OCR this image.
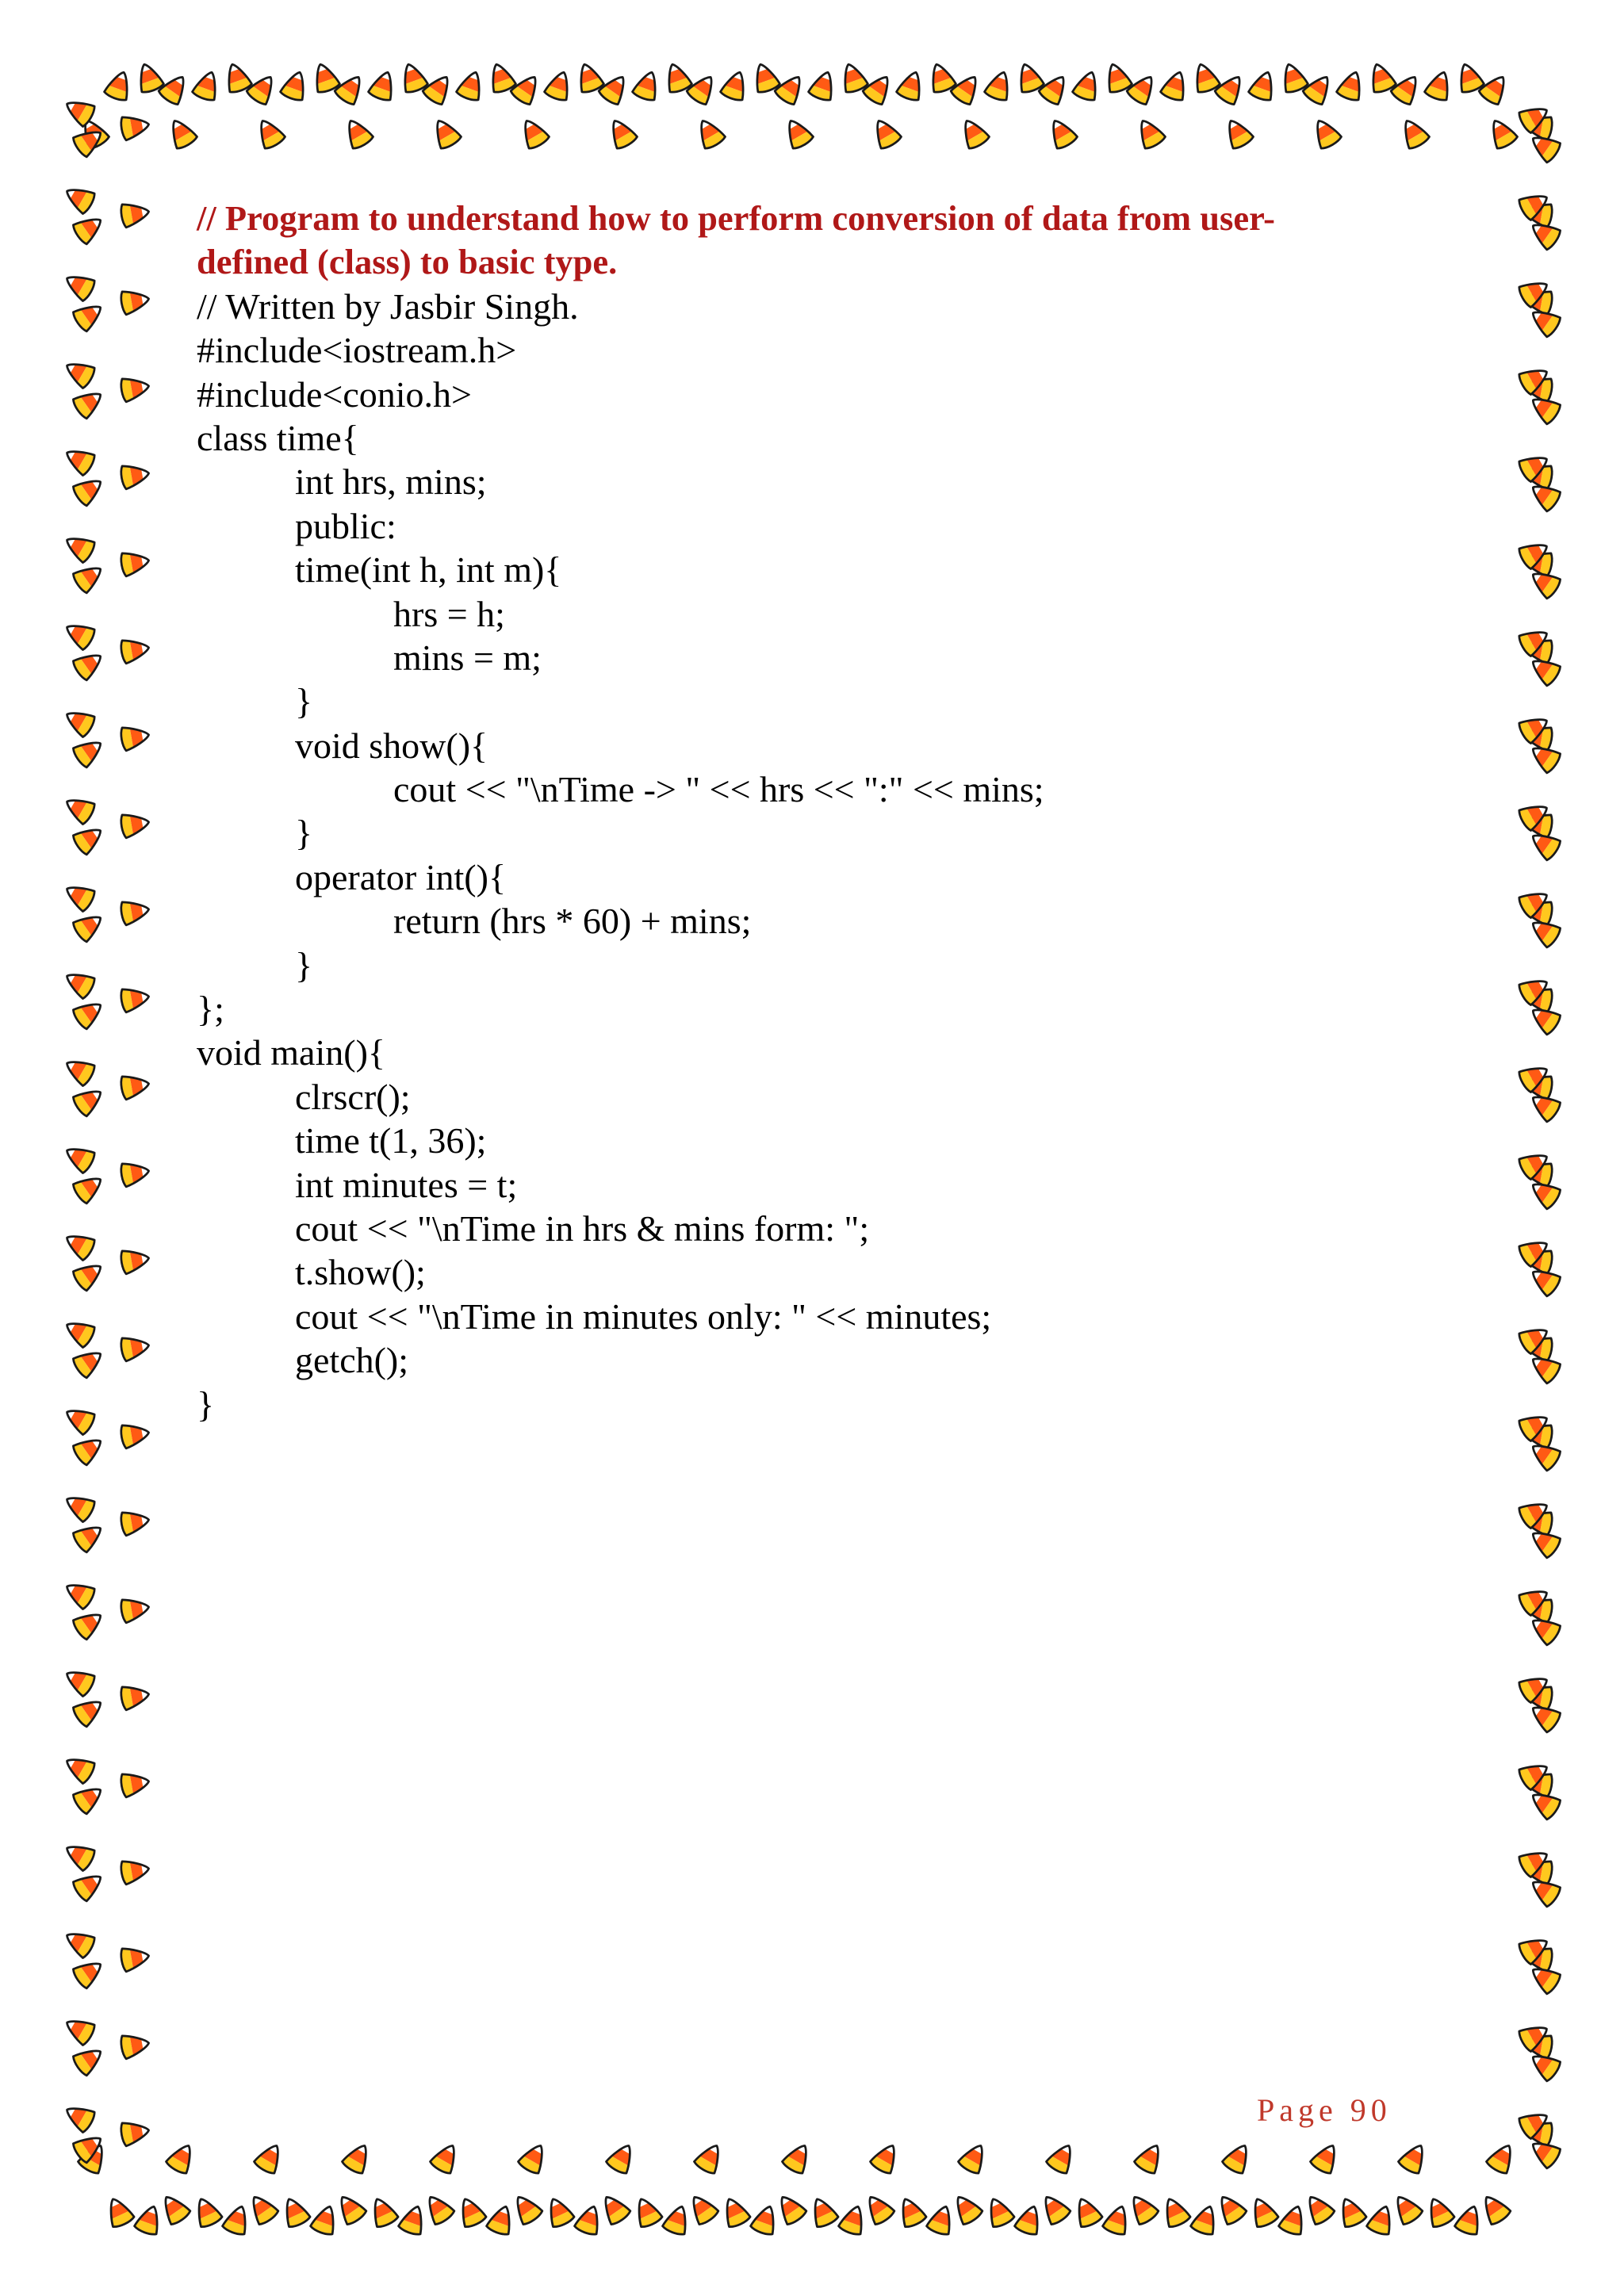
// Program to understand how to perform conversion of data from user-
defined (class) to basic type.
// Written by Jasbir Singh.
#include<iostream.h>
#include<conio.h>
class time{
int hrs, mins;
public:
time(int h, int m){
hrs = h;
mins = m;
}
void show(){
cout << "\nTime -> " << hrs << ":" << mins;
}
operator int(){
return (hrs * 60) + mins;
}
};
void main(){
clrscr();
time t(1, 36);
int minutes = t;
cout << "\nTime in hrs & mins form: ";
t.show();
cout << "\nTime in minutes only: " << minutes;
getch();
}
Page 90
